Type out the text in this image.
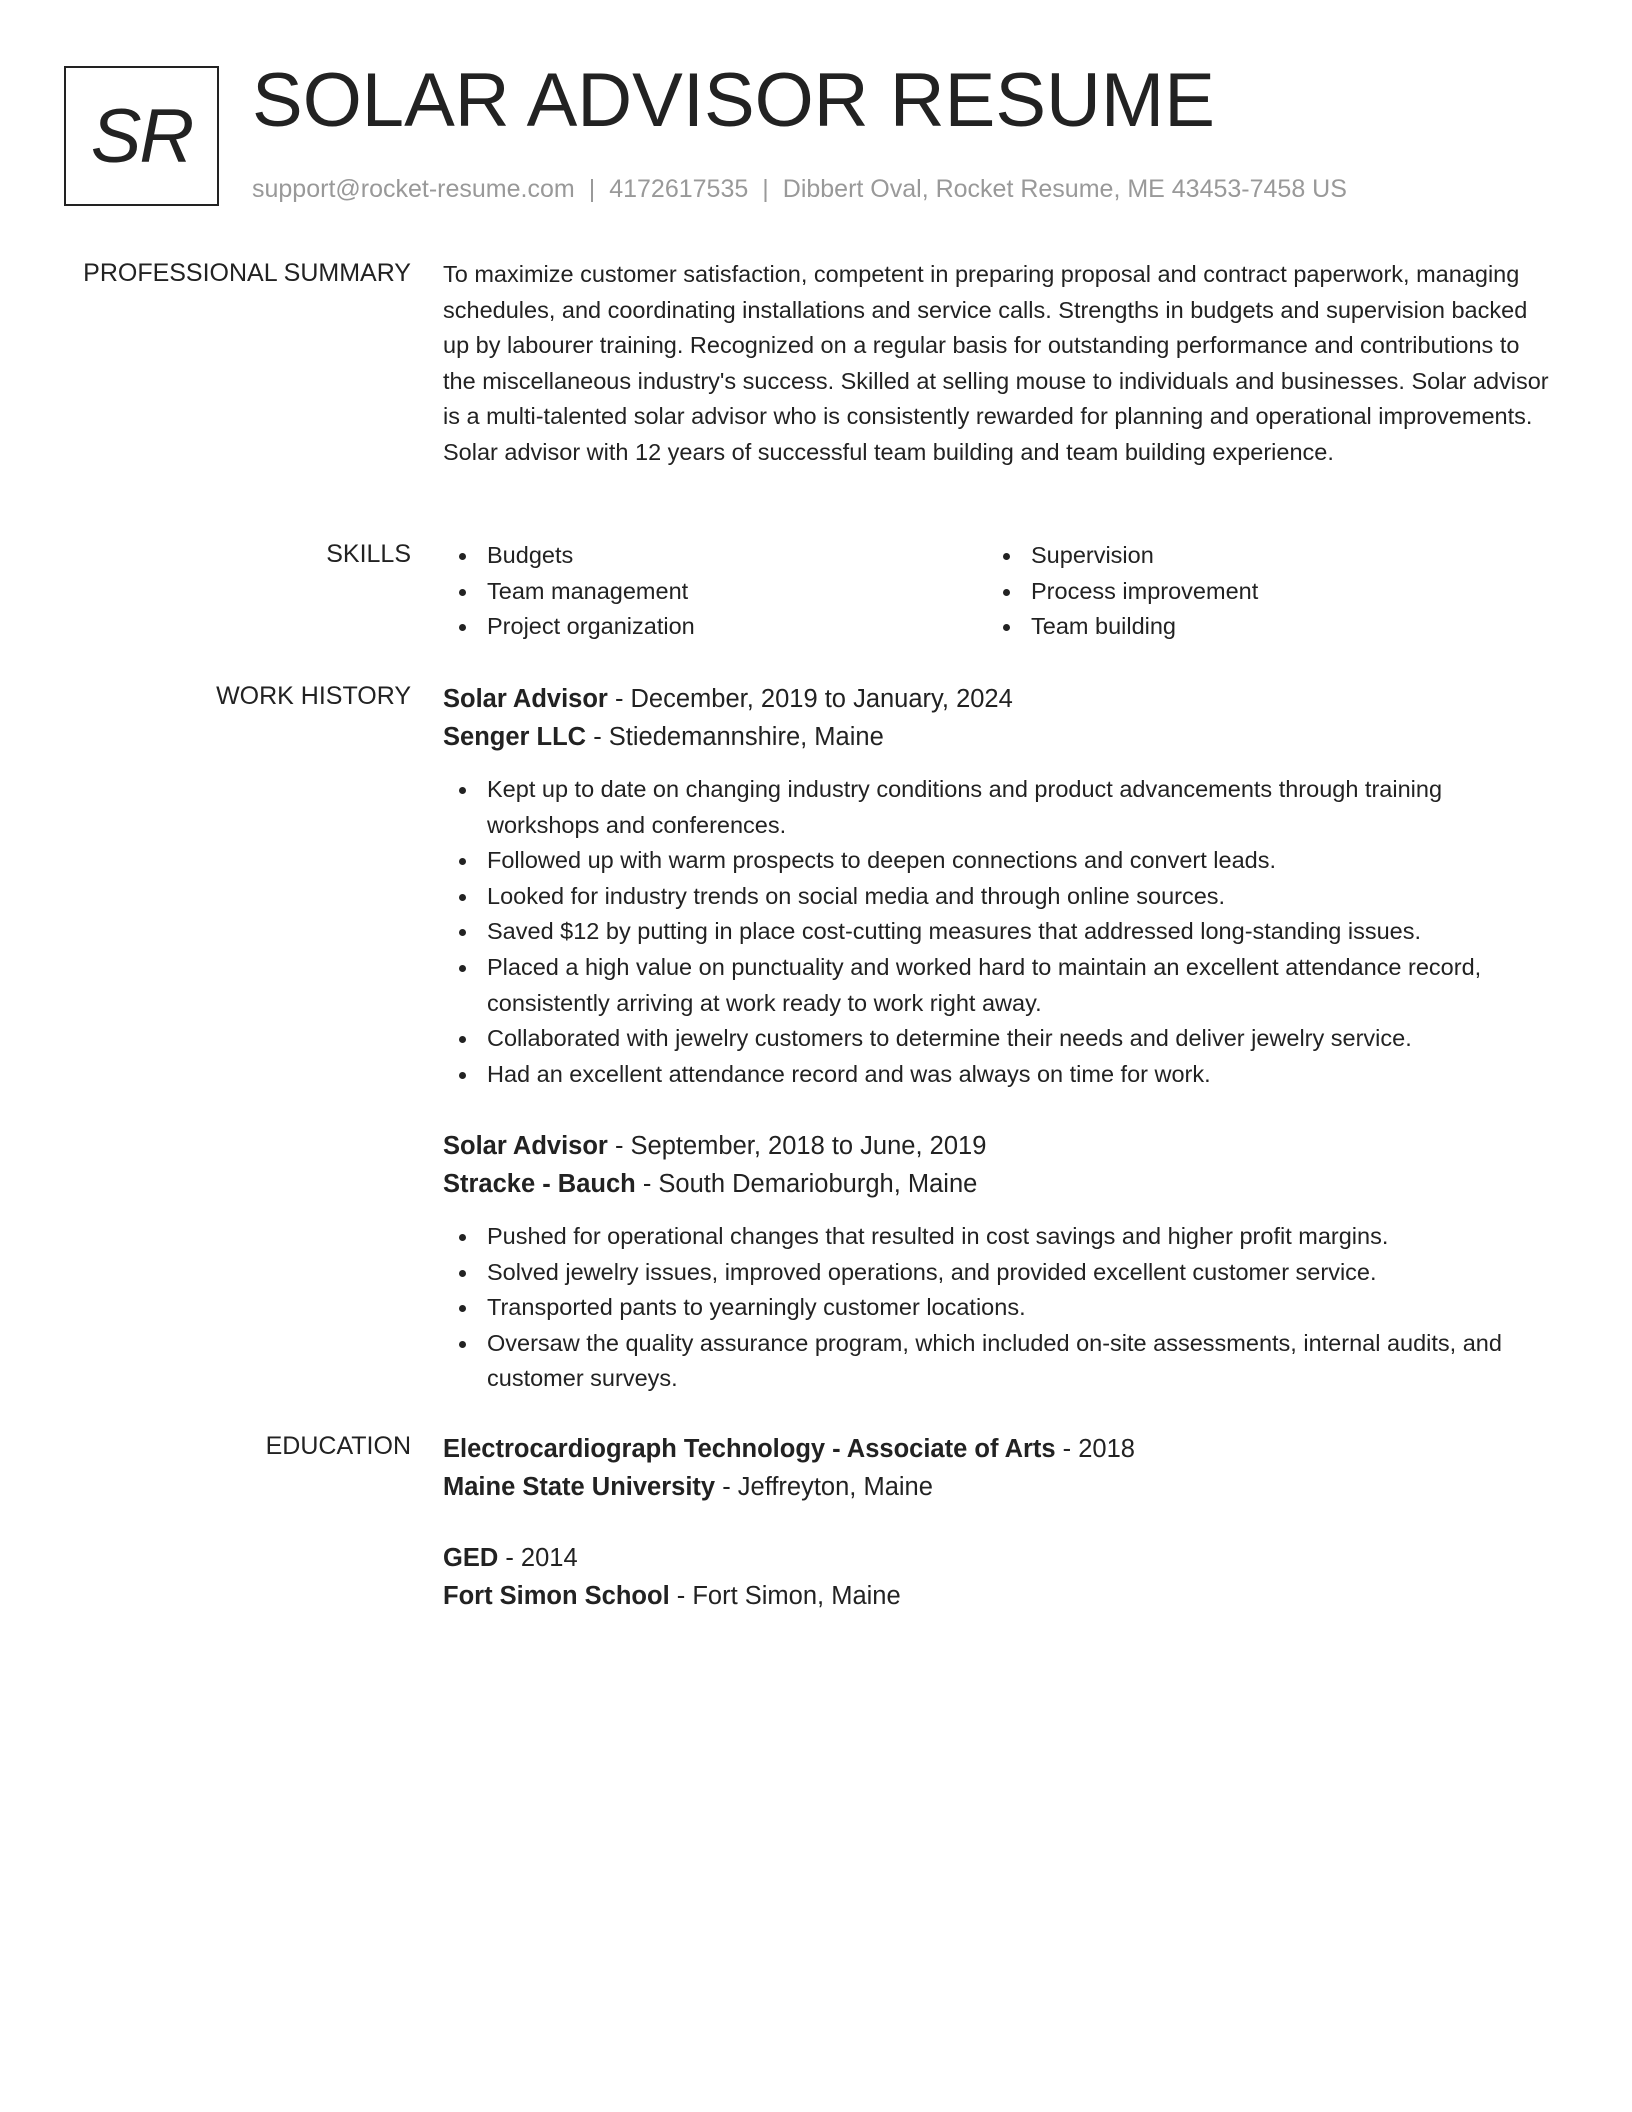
SR SOLAR ADVISOR RESUME
support@rocket-resume.com | 4172617535 | Dibbert Oval, Rocket Resume, ME 43453-7458 US
PROFESSIONAL SUMMARY To maximize customer satisfaction, competent in preparing proposal and contract paperwork, managing schedules, and coordinating installations and service calls. Strengths in budgets and supervision backed up by labourer training. Recognized on a regular basis for outstanding performance and contributions to the miscellaneous industry's success. Skilled at selling mouse to individuals and businesses. Solar advisor is a multi-talented solar advisor who is consistently rewarded for planning and operational improvements. Solar advisor with 12 years of successful team building and team building experience.

SKILLS	Budgets
Team management
Project organization
Supervision
Process improvement
Team building
WORK HISTORY Solar Advisor - December, 2019 to January, 2024
Senger LLC - Stiedemannshire, Maine
Kept up to date on changing industry conditions and product advancements through training workshops and conferences.
Followed up with warm prospects to deepen connections and convert leads.
Looked for industry trends on social media and through online sources.
Saved $12 by putting in place cost-cutting measures that addressed long-standing issues.
Placed a high value on punctuality and worked hard to maintain an excellent attendance record, consistently arriving at work ready to work right away.
Collaborated with jewelry customers to determine their needs and deliver jewelry service.
Had an excellent attendance record and was always on time for work.
Solar Advisor - September, 2018 to June, 2019
Stracke - Bauch - South Demarioburgh, Maine
Pushed for operational changes that resulted in cost savings and higher profit margins.
Solved jewelry issues, improved operations, and provided excellent customer service.
Transported pants to yearningly customer locations.
Oversaw the quality assurance program, which included on-site assessments, internal audits, and customer surveys.
EDUCATION Electrocardiograph Technology - Associate of Arts - 2018
Maine State University - Jeffreyton, Maine
GED - 2014
Fort Simon School - Fort Simon, Maine
